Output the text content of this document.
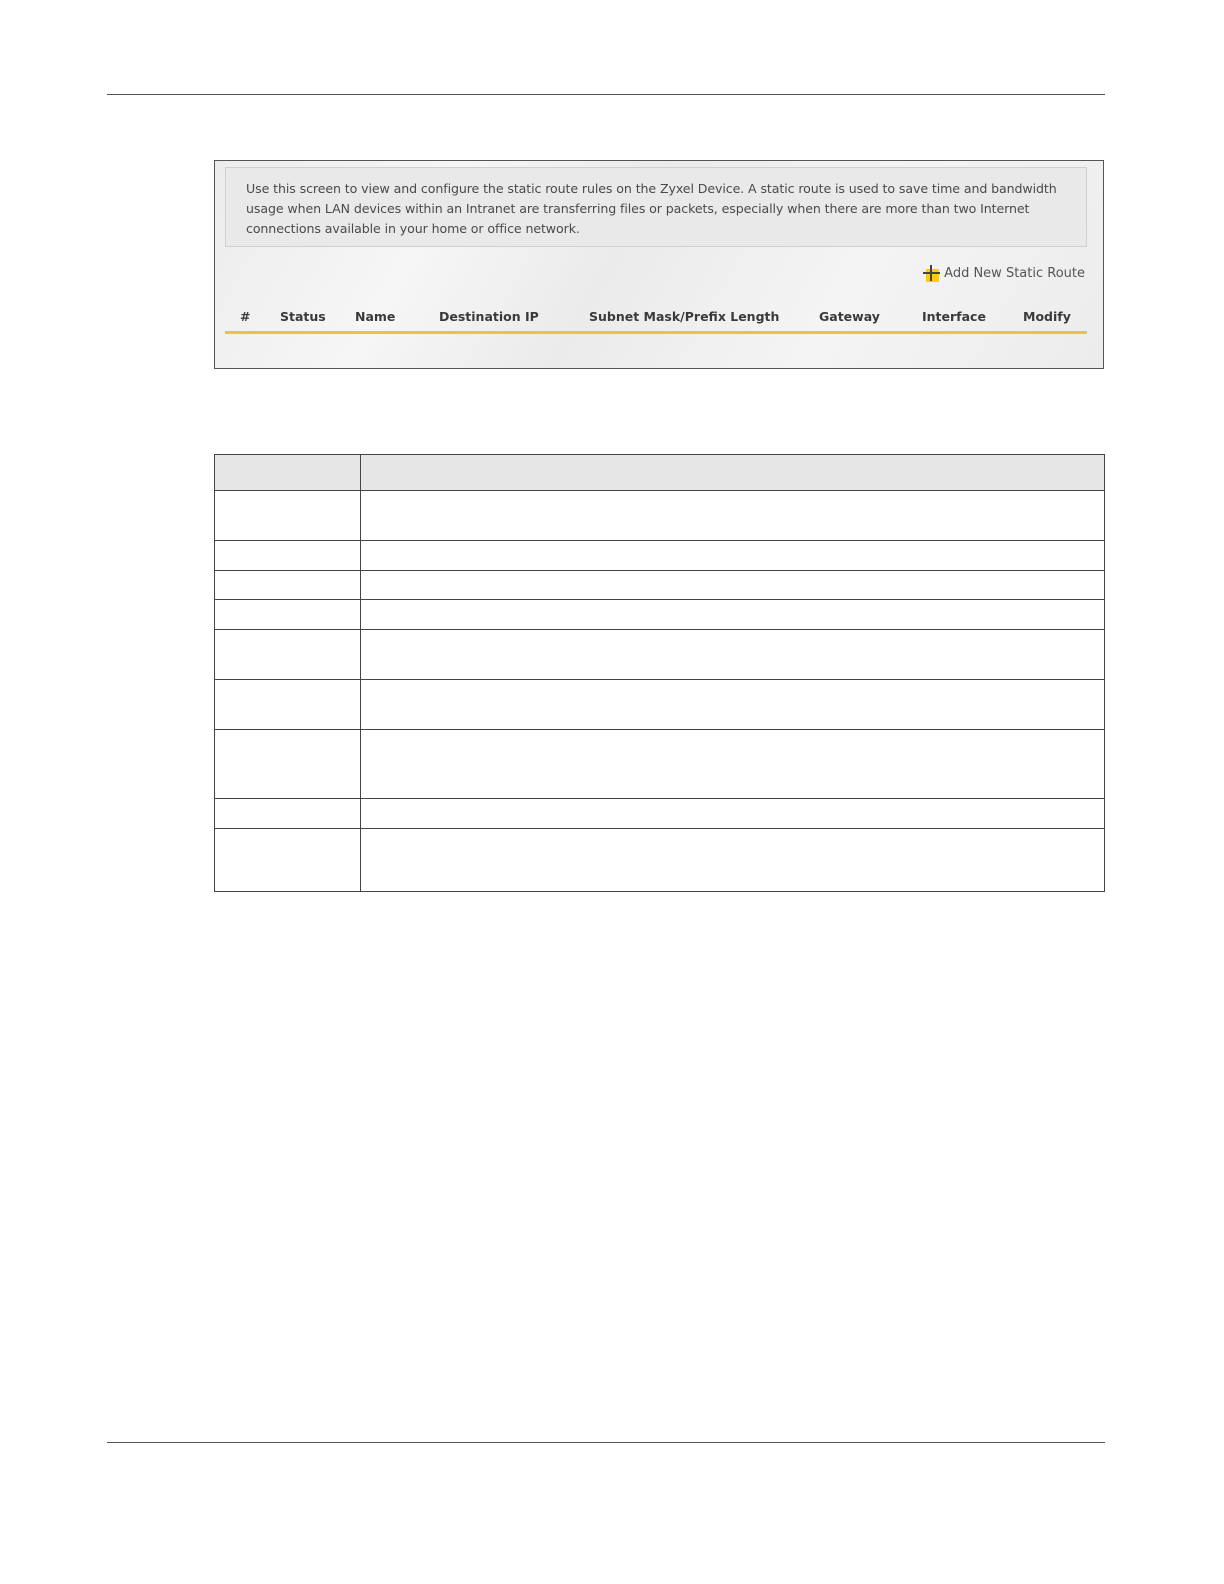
Use this screen to view and configure the static route rules on the Zyxel Device. A static route is used to save time and bandwidth usage when LAN devices within an Intranet are transferring files or packets, especially when there are more than two Internet connections available in your home or office network.
Add New Static Route
# Status Name	Destination IP	Subnet Mask/Prefix Length	Gateway	Interface	Modify
